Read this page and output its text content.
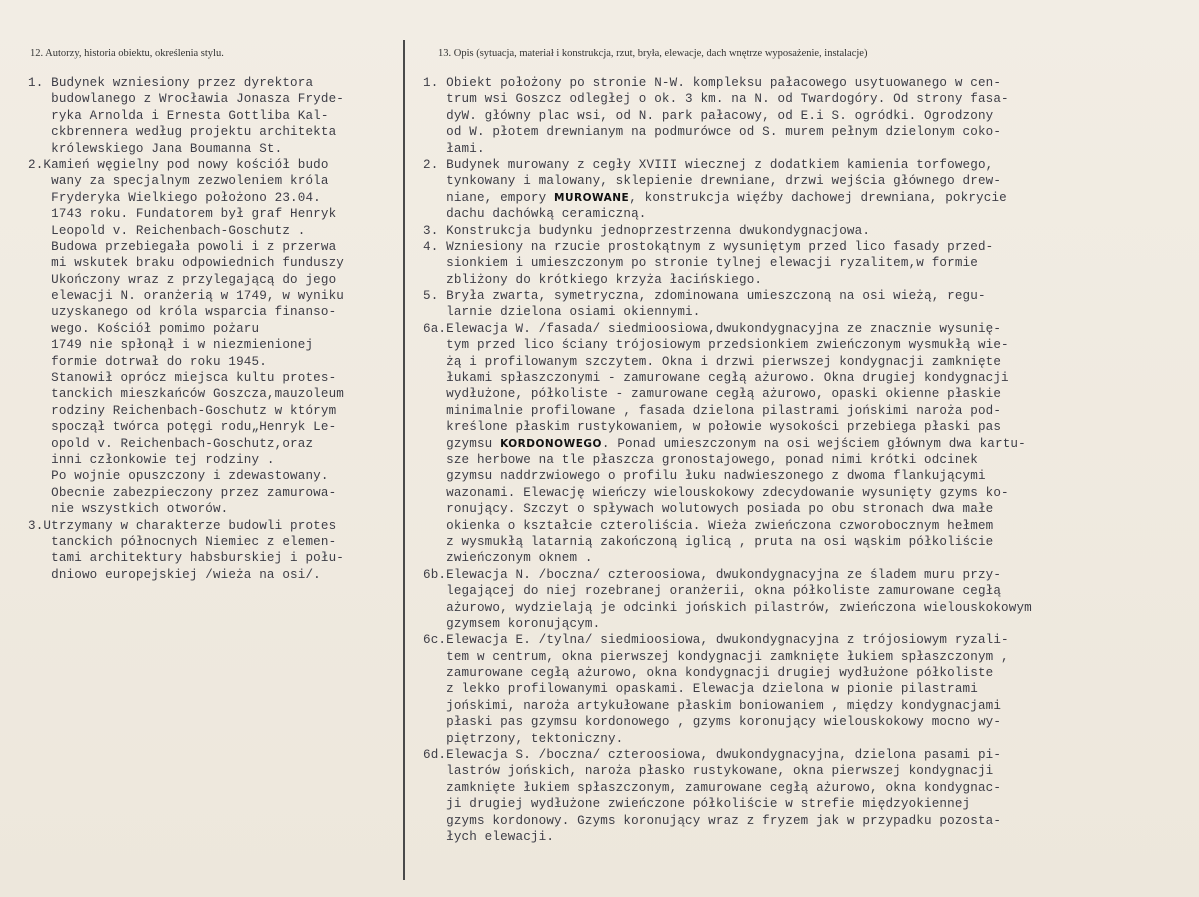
12. Autorzy, historia obiektu, określenia stylu.	13. Opis (sytuacja, materiał i konstrukcja, rzut, bryła, elewacje, dach wnętrze wyposażenie, instalacje)
1. Budynek wzniesiony przez dyrektora
budowlanego z Wrocławia Jonasza Fryde-
ryka Arnolda i Ernesta Gottliba Kal-
ckbrennera według projektu architekta
królewskiego Jana Boumanna St.
2.Kamień węgielny pod nowy kościół budo
wany za specjalnym zezwoleniem króla
Fryderyka Wielkiego położono 23.04.
1743 roku. Fundatorem był graf Henryk
Leopold v. Reichenbach-Goschutz .
Budowa przebiegała powoli i z przerwa
mi wskutek braku odpowiednich funduszy
Ukończony wraz z przylegającą do jego
elewacji N. oranżerią w 1749, w wyniku
uzyskanego od króla wsparcia finanso-
wego. Kościół pomimo pożaru
1749 nie spłonął i w niezmienionej
formie dotrwał do roku 1945.
Stanowił oprócz miejsca kultu protes-
tanckich mieszkańców Goszcza,mauzoleum
rodziny Reichenbach-Goschutz w którym
spoczął twórca potęgi rodu„Henryk Le-
opold v. Reichenbach-Goschutz,oraz
inni członkowie tej rodziny .
Po wojnie opuszczony i zdewastowany.
Obecnie zabezpieczony przez zamurowa-
nie wszystkich otworów.
3.Utrzymany w charakterze budowli protes
tanckich północnych Niemiec z elemen-
tami architektury habsburskiej i połu-
dniowo europejskiej /wieża na osi/.
1. Obiekt położony po stronie N-W. kompleksu pałacowego usytuowanego w cen-
trum wsi Goszcz odległej o ok. 3 km. na N. od Twardogóry. Od strony fasa-
dyW. główny plac wsi, od N. park pałacowy, od E.i S. ogródki. Ogrodzony
od W. płotem drewnianym na podmurówce od S. murem pełnym dzielonym coko-
łami.
2. Budynek murowany z cegły XVIII wiecznej z dodatkiem kamienia torfowego,
tynkowany i malowany, sklepienie drewniane, drzwi wejścia głównego drew-
niane, empory MUROWANE, konstrukcja więźby dachowej drewniana, pokrycie
dachu dachówką ceramiczną.
3. Konstrukcja budynku jednoprzestrzenna dwukondygnacjowa.
4. Wzniesiony na rzucie prostokątnym z wysuniętym przed lico fasady przed-
sionkiem i umieszczonym po stronie tylnej elewacji ryzalitem,w formie
zbliżony do krótkiego krzyża łacińskiego.
5. Bryła zwarta, symetryczna, zdominowana umieszczoną na osi wieżą, regu-
larnie dzielona osiami okiennymi.
6a.Elewacja W. /fasada/ siedmioosiowa,dwukondygnacyjna ze znacznie wysunię-
tym przed lico ściany trójosiowym przedsionkiem zwieńczonym wysmukłą wie-
żą i profilowanym szczytem. Okna i drzwi pierwszej kondygnacji zamknięte
łukami spłaszczonymi - zamurowane cegłą ażurowo. Okna drugiej kondygnacji
wydłużone, półkoliste - zamurowane cegłą ażurowo, opaski okienne płaskie
minimalnie profilowane , fasada dzielona pilastrami jońskimi naroża pod-
kreślone płaskim rustykowaniem, w połowie wysokości przebiega płaski pas
gzymsu KORDONOWEGO. Ponad umieszczonym na osi wejściem głównym dwa kartu-
sze herbowe na tle płaszcza gronostajowego, ponad nimi krótki odcinek
gzymsu naddrzwiowego o profilu łuku nadwieszonego z dwoma flankującymi
wazonami. Elewację wieńczy wielouskokowy zdecydowanie wysunięty gzyms ko-
ronujący. Szczyt o spływach wolutowych posiada po obu stronach dwa małe
okienka o kształcie czteroliścia. Wieża zwieńczona czworobocznym hełmem
z wysmukłą latarnią zakończoną iglicą , pruta na osi wąskim półkoliście
zwieńczonym oknem .
6b.Elewacja N. /boczna/ czteroosiowa, dwukondygnacyjna ze śladem muru przy-
legającej do niej rozebranej oranżerii, okna półkoliste zamurowane cegłą
ażurowo, wydzielają je odcinki jońskich pilastrów, zwieńczona wielouskokowym
gzymsem koronującym.
6c.Elewacja E. /tylna/ siedmioosiowa, dwukondygnacyjna z trójosiowym ryzali-
tem w centrum, okna pierwszej kondygnacji zamknięte łukiem spłaszczonym ,
zamurowane cegłą ażurowo, okna kondygnacji drugiej wydłużone półkoliste
z lekko profilowanymi opaskami. Elewacja dzielona w pionie pilastrami
jońskimi, naroża artykułowane płaskim boniowaniem , między kondygnacjami
płaski pas gzymsu kordonowego , gzyms koronujący wielouskokowy mocno wy-
piętrzony, tektoniczny.
6d.Elewacja S. /boczna/ czteroosiowa, dwukondygnacyjna, dzielona pasami pi-
lastrów jońskich, naroża płasko rustykowane, okna pierwszej kondygnacji
zamknięte łukiem spłaszczonym, zamurowane cegłą ażurowo, okna kondygnac-
ji drugiej wydłużone zwieńczone półkoliście w strefie międzyokiennej
gzyms kordonowy. Gzyms koronujący wraz z fryzem jak w przypadku pozosta-
łych elewacji.
